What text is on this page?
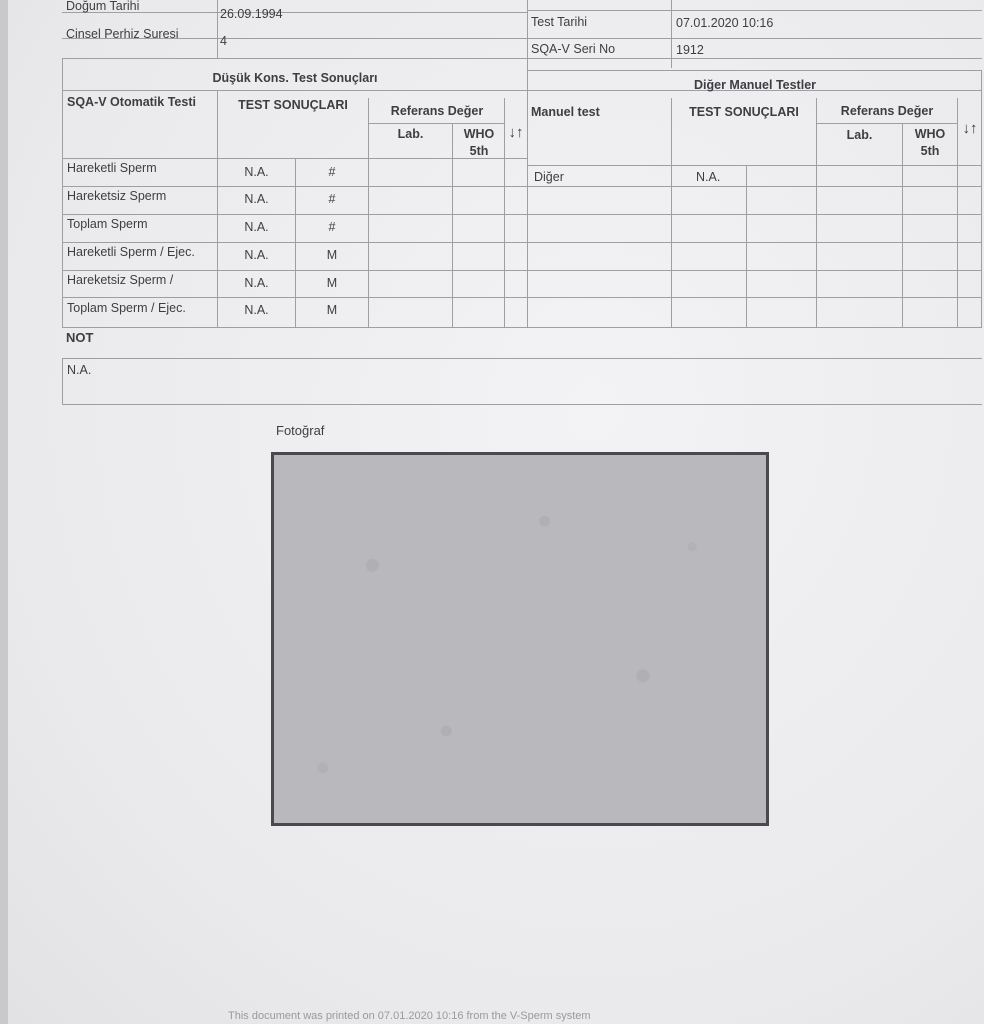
Doğum Tarihi
26.09.1994
Cinsel Perhiz Suresi	4
Test Tarihi	07.01.2020 10:16
SQA-V Seri No	1912
Düşük Kons. Test Sonuçları
SQA-V Otomatik Testi	TEST SONUÇLARI	Referans Değer
Lab.	WHO
5th
↓↑
Hareketli Sperm	N.A.	#
Hareketsiz Sperm	N.A.	#
Toplam Sperm	N.A.	#
Hareketli Sperm / Ejec.	N.A.	M
Hareketsiz Sperm /	N.A.	M
Toplam Sperm / Ejec.	N.A.	M
Diğer Manuel Testler
Manuel test	TEST SONUÇLARI	Referans Değer
Lab.	WHO
5th
↓↑
Diğer	N.A.
NOT
N.A.
Fotoğraf
This document was printed on 07.01.2020 10:16 from the V-Sperm system
